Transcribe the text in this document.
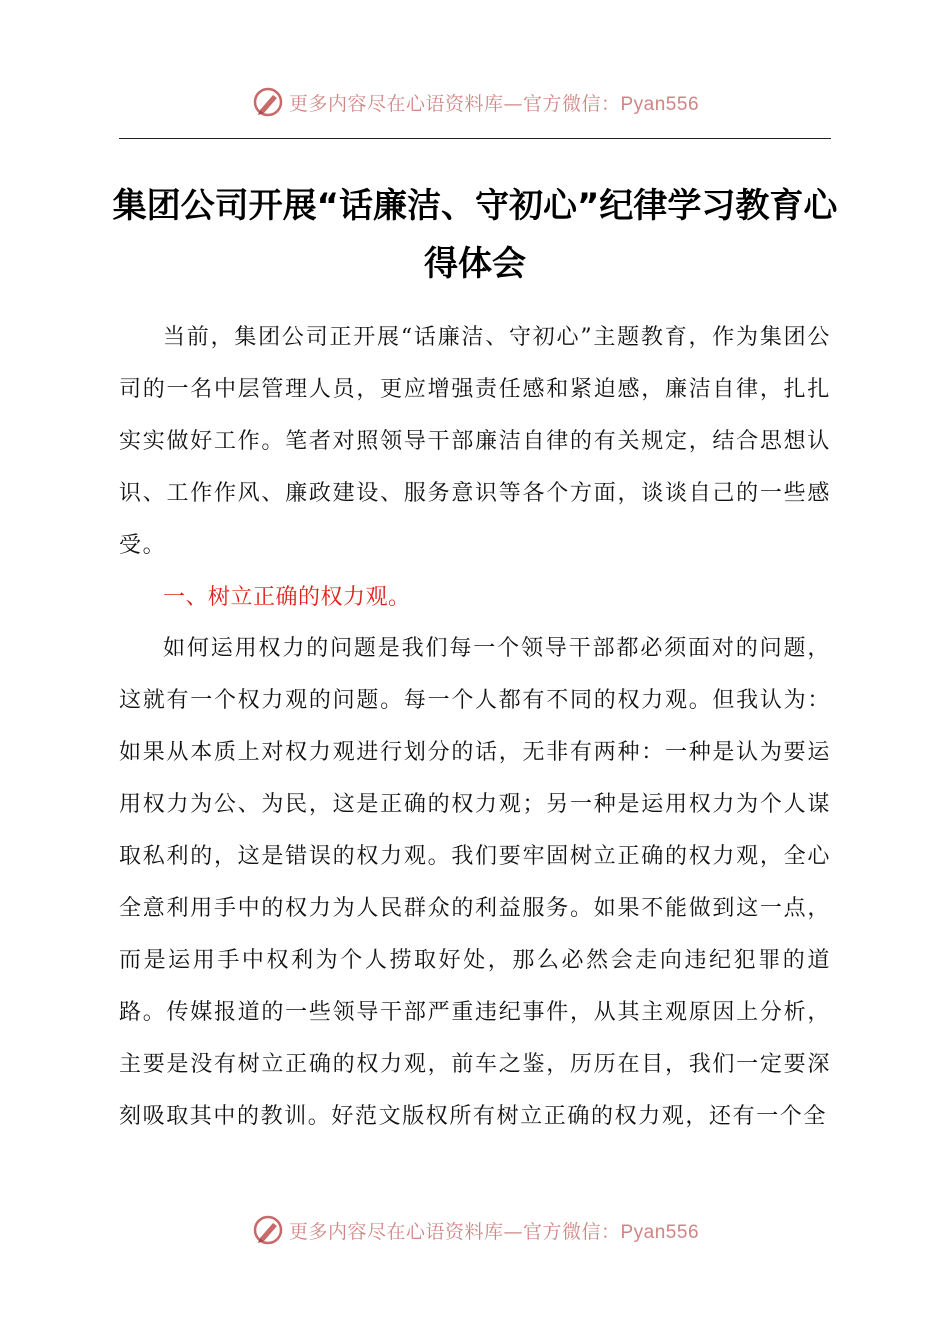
更多内容尽在心语资料库—官方微信：Pyan556
集团公司开展“话廉洁、守初心”纪律学习教育心得体会

当前，集团公司正开展“话廉洁、守初心”主题教育，作为集团公司的一名中层管理人员，更应增强责任感和紧迫感，廉洁自律，扎扎实实做好工作。笔者对照领导干部廉洁自律的有关规定，结合思想认识、工作作风、廉政建设、服务意识等各个方面，谈谈自己的一些感受。

一、树立正确的权力观。

如何运用权力的问题是我们每一个领导干部都必须面对的问题，这就有一个权力观的问题。每一个人都有不同的权力观。但我认为：如果从本质上对权力观进行划分的话，无非有两种：一种是认为要运用权力为公、为民，这是正确的权力观；另一种是运用权力为个人谋取私利的，这是错误的权力观。我们要牢固树立正确的权力观，全心全意利用手中的权力为人民群众的利益服务。如果不能做到这一点，而是运用手中权利为个人捞取好处，那么必然会走向违纪犯罪的道路。传媒报道的一些领导干部严重违纪事件，从其主观原因上分析，主要是没有树立正确的权力观，前车之鉴，历历在目，我们一定要深刻吸取其中的教训。好范文版权所有树立正确的权力观，还有一个全

更多内容尽在心语资料库—官方微信：Pyan556
